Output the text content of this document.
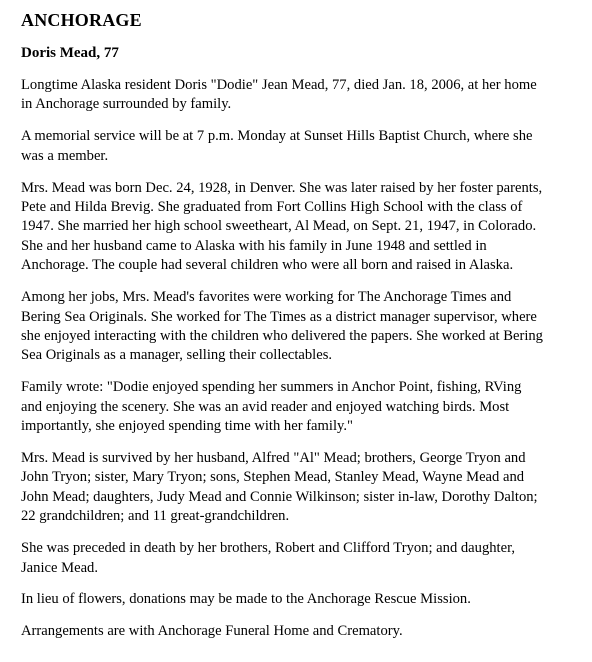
ANCHORAGE
Doris Mead, 77

Longtime Alaska resident Doris "Dodie" Jean Mead, 77, died Jan. 18, 2006, at her home
in Anchorage surrounded by family.

A memorial service will be at 7 p.m. Monday at Sunset Hills Baptist Church, where she
was a member.

Mrs. Mead was born Dec. 24, 1928, in Denver. She was later raised by her foster parents,
Pete and Hilda Brevig. She graduated from Fort Collins High School with the class of
1947. She married her high school sweetheart, Al Mead, on Sept. 21, 1947, in Colorado.
She and her husband came to Alaska with his family in June 1948 and settled in
Anchorage. The couple had several children who were all born and raised in Alaska.

Among her jobs, Mrs. Mead's favorites were working for The Anchorage Times and
Bering Sea Originals. She worked for The Times as a district manager supervisor, where
she enjoyed interacting with the children who delivered the papers. She worked at Bering
Sea Originals as a manager, selling their collectables.

Family wrote: "Dodie enjoyed spending her summers in Anchor Point, fishing, RVing
and enjoying the scenery. She was an avid reader and enjoyed watching birds. Most
importantly, she enjoyed spending time with her family."

Mrs. Mead is survived by her husband, Alfred "Al" Mead; brothers, George Tryon and
John Tryon; sister, Mary Tryon; sons, Stephen Mead, Stanley Mead, Wayne Mead and
John Mead; daughters, Judy Mead and Connie Wilkinson; sister in-law, Dorothy Dalton;
22 grandchildren; and 11 great-grandchildren.

She was preceded in death by her brothers, Robert and Clifford Tryon; and daughter,
Janice Mead.

In lieu of flowers, donations may be made to the Anchorage Rescue Mission.

Arrangements are with Anchorage Funeral Home and Crematory.
